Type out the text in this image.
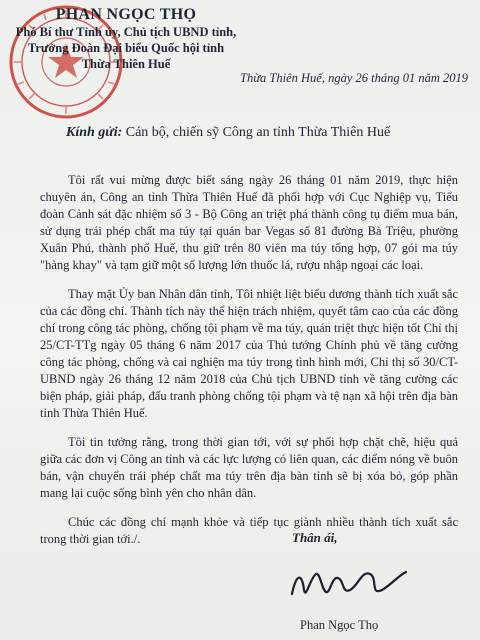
PHAN NGỌC THỌ
Phó Bí thư Tỉnh ủy, Chủ tịch UBND tỉnh,
Trưởng Đoàn Đại biểu Quốc hội tỉnh
Thừa Thiên Huế
Thừa Thiên Huế, ngày 26 tháng 01 năm 2019
Kính gửi: Cán bộ, chiến sỹ Công an tỉnh Thừa Thiên Huế

Tôi rất vui mừng được biết sáng ngày 26 tháng 01 năm 2019, thực hiện chuyên án, Công an tỉnh Thừa Thiên Huế đã phối hợp với Cục Nghiệp vụ, Tiểu đoàn Cảnh sát đặc nhiệm số 3 - Bộ Công an triệt phá thành công tụ điểm mua bán, sử dụng trái phép chất ma túy tại quán bar Vegas số 81 đường Bà Triệu, phường Xuân Phú, thành phố Huế, thu giữ trên 80 viên ma túy tổng hợp, 07 gói ma túy "hàng khay" và tạm giữ một số lượng lớn thuốc lá, rượu nhập ngoại các loại.

Thay mặt Ủy ban Nhân dân tỉnh, Tôi nhiệt liệt biểu dương thành tích xuất sắc của các đồng chí. Thành tích này thể hiện trách nhiệm, quyết tâm cao của các đồng chí trong công tác phòng, chống tội phạm về ma túy, quán triệt thực hiện tốt Chỉ thị 25/CT-TTg ngày 05 tháng 6 năm 2017 của Thủ tướng Chính phủ về tăng cường công tác phòng, chống và cai nghiện ma túy trong tình hình mới, Chỉ thị số 30/CT-UBND ngày 26 tháng 12 năm 2018 của Chủ tịch UBND tỉnh về tăng cường các biện pháp, giải pháp, đấu tranh phòng chống tội phạm và tệ nạn xã hội trên địa bàn tỉnh Thừa Thiên Huế.

Tôi tin tưởng rằng, trong thời gian tới, với sự phối hợp chặt chẽ, hiệu quả giữa các đơn vị Công an tỉnh và các lực lượng có liên quan, các điểm nóng về buôn bán, vận chuyển trái phép chất ma túy trên địa bàn tỉnh sẽ bị xóa bỏ, góp phần mang lại cuộc sống bình yên cho nhân dân.

Chúc các đồng chí mạnh khỏe và tiếp tục giành nhiều thành tích xuất sắc trong thời gian tới./.	Thân ái,
Phan Ngọc Thọ
